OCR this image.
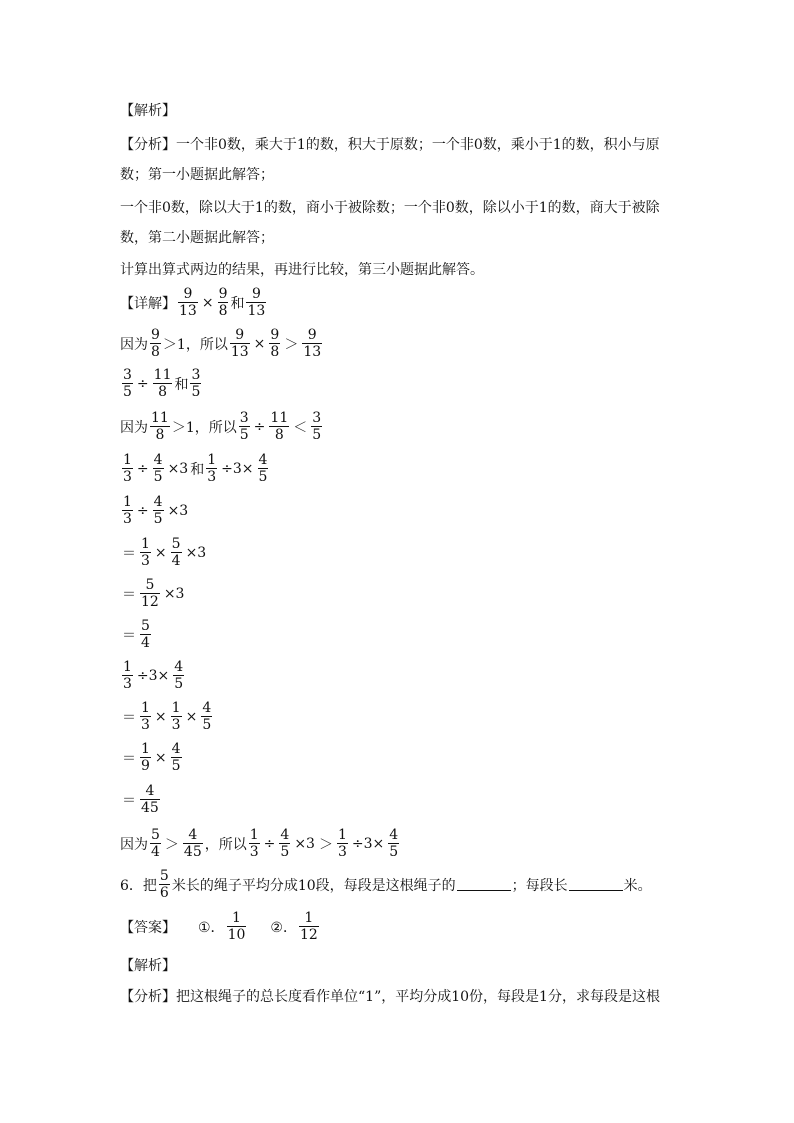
【解析】
【分析】一个非0数，乘大于1的数，积大于原数；一个非0数，乘小于1的数，积小与原
数；第一小题据此解答；
一个非0数，除以大于1的数，商小于被除数；一个非0数，除以小于1的数，商大于被除
数，第二小题据此解答；
计算出算式两边的结果，再进行比较，第三小题据此解答。
【详解】 $\frac{9}{13} \times \frac{9}{8}$ 和 $\frac{9}{13}$
因为 $\frac{9}{8} >1$，所以 $\frac{9}{13} \times \frac{9}{8} > \frac{9}{13}$
$\frac{3}{5} \div \frac{11}{8}$ 和 $\frac{3}{5}$
因为 $\frac{11}{8} >1$，所以 $\frac{3}{5} \div \frac{11}{8} < \frac{3}{5}$
$\frac{1}{3} \div \frac{4}{5} \times 3$ 和 $\frac{1}{3} \div 3\times \frac{4}{5}$
$\frac{1}{3} \div \frac{4}{5} \times 3$
＝ $\frac{1}{3} \times \frac{5}{4} \times 3$
＝ $\frac{5}{12} \times 3$
＝ $\frac{5}{4}$
$\frac{1}{3} \div 3\times \frac{4}{5}$
＝ $\frac{1}{3} \times \frac{1}{3} \times \frac{4}{5}$
＝ $\frac{1}{9} \times \frac{4}{5}$
＝ $\frac{4}{45}$
因为 $\frac{5}{4} > \frac{4}{45}$ ，所以 $\frac{1}{3} \div \frac{4}{5} \times 3 > \frac{1}{3} \div 3\times \frac{4}{5}$
6．把 $\frac{5}{6}$ 米长的绳子平均分成10段，每段是这根绳子的	；每段长	米。
【答案】 ①． $\frac{1}{10}$ ②． $\frac{1}{12}$
【解析】
【分析】把这根绳子的总长度看作单位“1”，平均分成10份，每段是1分，求每段是这根
